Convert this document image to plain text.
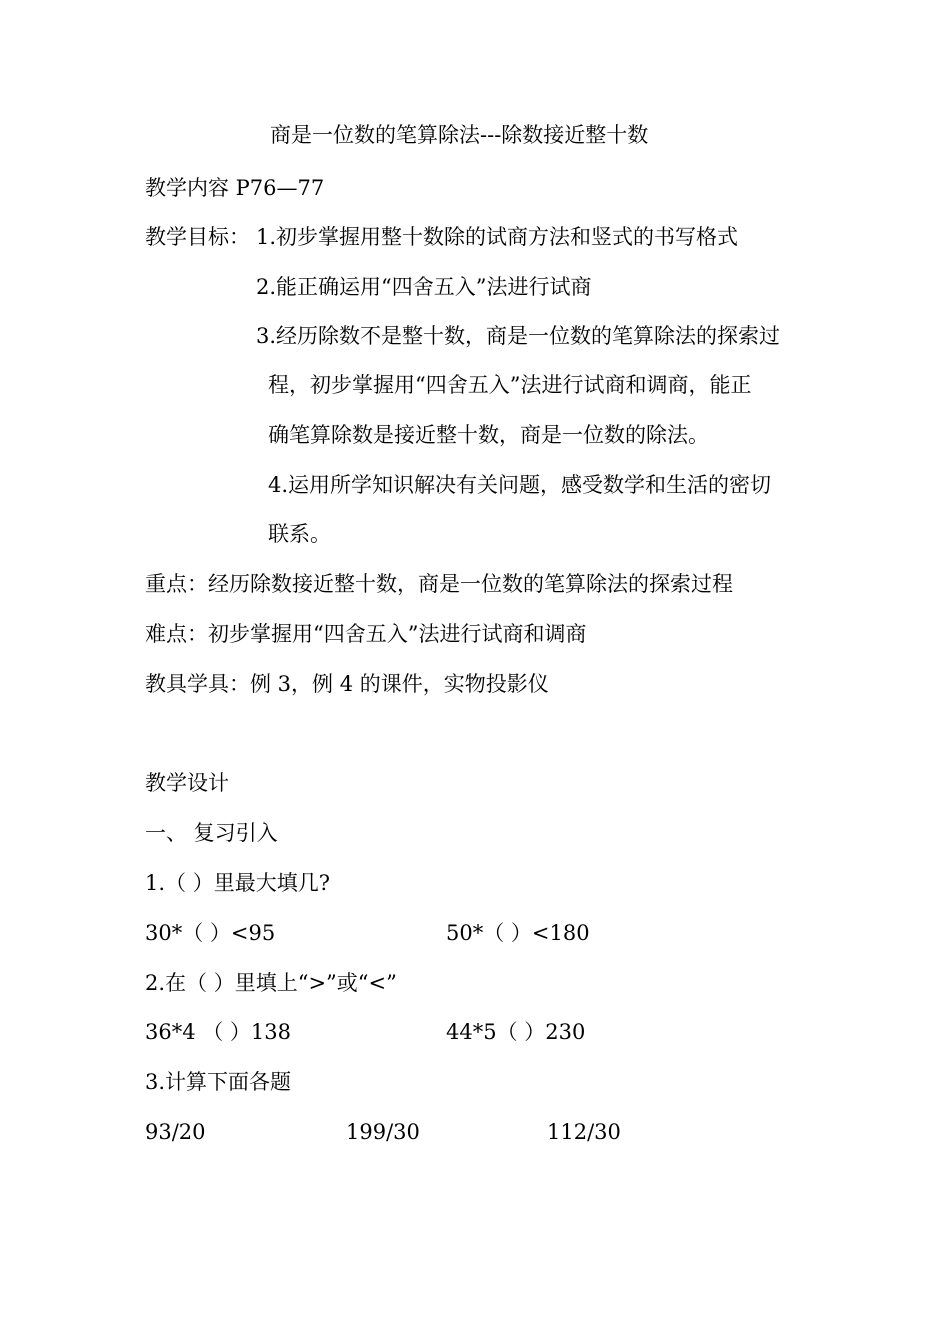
商是一位数的笔算除法---除数接近整十数

教学内容 P76—77

教学目标： 1.初步掌握用整十数除的试商方法和竖式的书写格式

2.能正确运用“四舍五入”法进行试商

3.经历除数不是整十数，商是一位数的笔算除法的探索过

程，初步掌握用“四舍五入”法进行试商和调商，能正

确笔算除数是接近整十数，商是一位数的除法。

4.运用所学知识解决有关问题，感受数学和生活的密切

联系。

重点：经历除数接近整十数，商是一位数的笔算除法的探索过程

难点：初步掌握用“四舍五入”法进行试商和调商

教具学具：例 3，例 4 的课件，实物投影仪

教学设计

一、 复习引入

1.（ ）里最大填几?

30*（ ）<95	50*（ ）<180

2.在（ ）里填上“>”或“<”

36*4 （ ）138	44*5（ ）230

3.计算下面各题

93/20	199/30	112/30
